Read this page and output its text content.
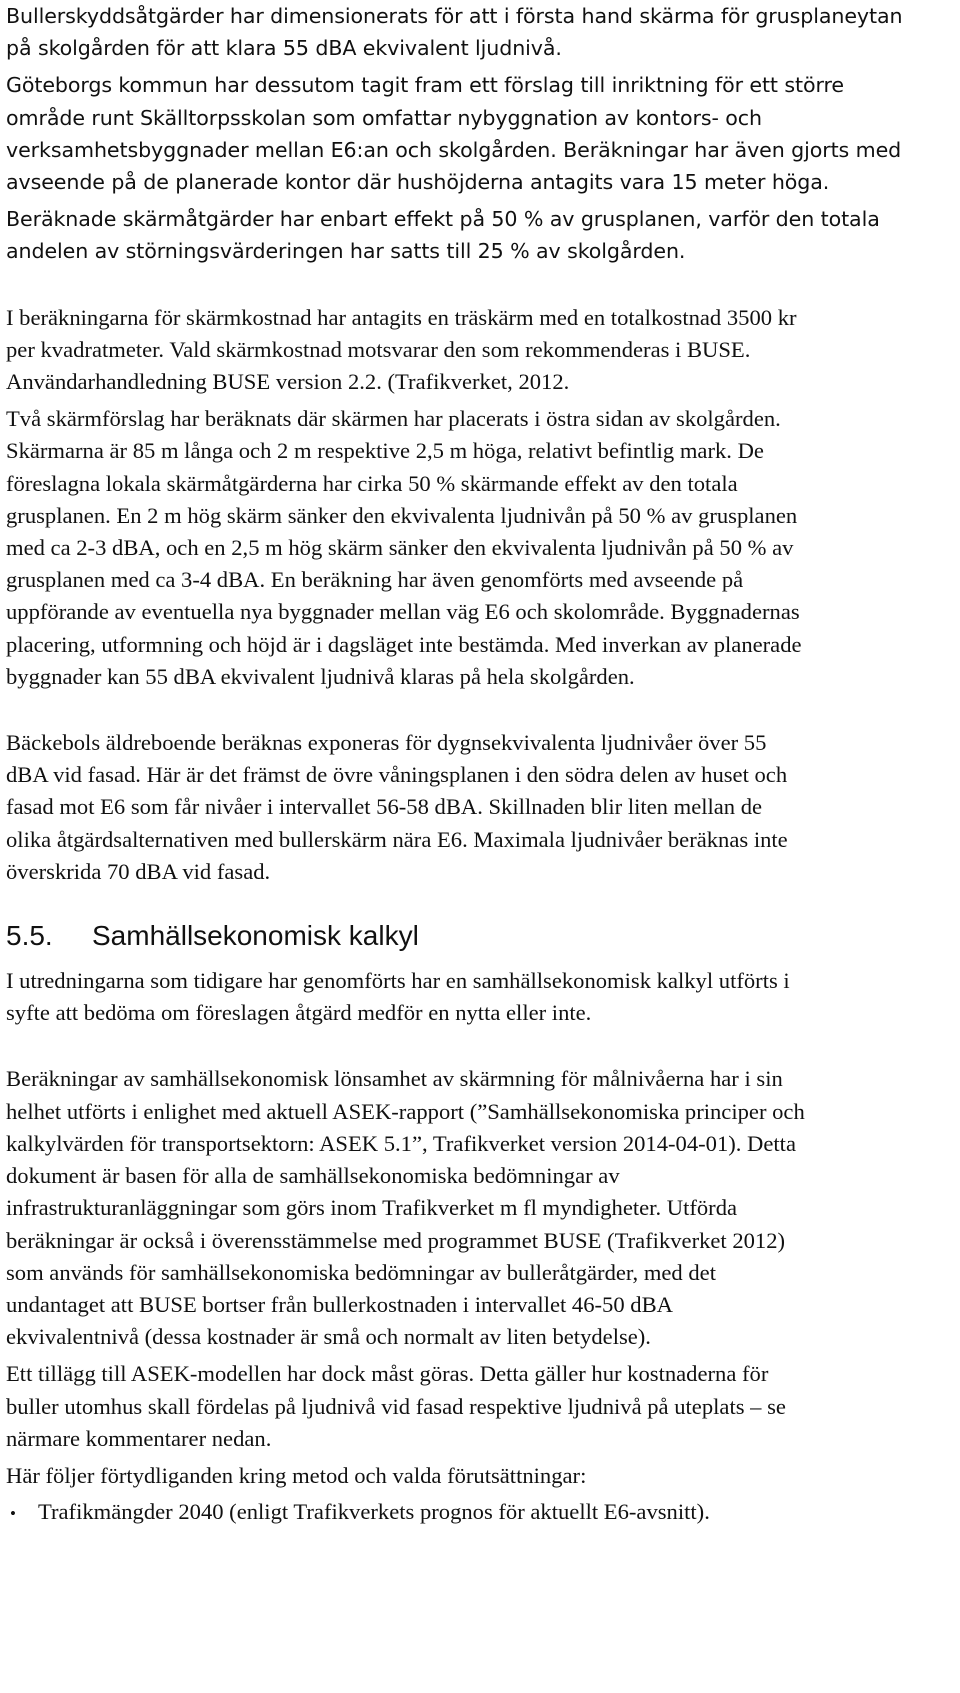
Bullerskyddsåtgärder har dimensionerats för att i första hand skärma för grusplaneytan
på skolgården för att klara 55 dBA ekvivalent ljudnivå.

Göteborgs kommun har dessutom tagit fram ett förslag till inriktning för ett större
område runt Skälltorpsskolan som omfattar nybyggnation av kontors- och
verksamhetsbyggnader mellan E6:an och skolgården. Beräkningar har även gjorts med
avseende på de planerade kontor där hushöjderna antagits vara 15 meter höga.

Beräknade skärmåtgärder har enbart effekt på 50 % av grusplanen, varför den totala
andelen av störningsvärderingen har satts till 25 % av skolgården.

I beräkningarna för skärmkostnad har antagits en träskärm med en totalkostnad 3500 kr
per kvadratmeter. Vald skärmkostnad motsvarar den som rekommenderas i BUSE.
Användarhandledning BUSE version 2.2. (Trafikverket, 2012.

Två skärmförslag har beräknats där skärmen har placerats i östra sidan av skolgården.
Skärmarna är 85 m långa och 2 m respektive 2,5 m höga, relativt befintlig mark. De
föreslagna lokala skärmåtgärderna har cirka 50 % skärmande effekt av den totala
grusplanen. En 2 m hög skärm sänker den ekvivalenta ljudnivån på 50 % av grusplanen
med ca 2-3 dBA, och en 2,5 m hög skärm sänker den ekvivalenta ljudnivån på 50 % av
grusplanen med ca 3-4 dBA. En beräkning har även genomförts med avseende på
uppförande av eventuella nya byggnader mellan väg E6 och skolområde. Byggnadernas
placering, utformning och höjd är i dagsläget inte bestämda. Med inverkan av planerade
byggnader kan 55 dBA ekvivalent ljudnivå klaras på hela skolgården.

Bäckebols äldreboende beräknas exponeras för dygnsekvivalenta ljudnivåer över 55
dBA vid fasad. Här är det främst de övre våningsplanen i den södra delen av huset och
fasad mot E6 som får nivåer i intervallet 56-58 dBA. Skillnaden blir liten mellan de
olika åtgärdsalternativen med bullerskärm nära E6. Maximala ljudnivåer beräknas inte
överskrida 70 dBA vid fasad.

5.5.	Samhällsekonomisk kalkyl

I utredningarna som tidigare har genomförts har en samhällsekonomisk kalkyl utförts i
syfte att bedöma om föreslagen åtgärd medför en nytta eller inte.

Beräkningar av samhällsekonomisk lönsamhet av skärmning för målnivåerna har i sin
helhet utförts i enlighet med aktuell ASEK-rapport (”Samhällsekonomiska principer och
kalkylvärden för transportsektorn: ASEK 5.1”, Trafikverket version 2014-04-01). Detta
dokument är basen för alla de samhällsekonomiska bedömningar av
infrastrukturanläggningar som görs inom Trafikverket m fl myndigheter. Utförda
beräkningar är också i överensstämmelse med programmet BUSE (Trafikverket 2012)
som används för samhällsekonomiska bedömningar av bulleråtgärder, med det
undantaget att BUSE bortser från bullerkostnaden i intervallet 46-50 dBA
ekvivalentnivå (dessa kostnader är små och normalt av liten betydelse).

Ett tillägg till ASEK-modellen har dock måst göras. Detta gäller hur kostnaderna för
buller utomhus skall fördelas på ljudnivå vid fasad respektive ljudnivå på uteplats – se
närmare kommentarer nedan.

Här följer förtydliganden kring metod och valda förutsättningar:

• Trafikmängder 2040 (enligt Trafikverkets prognos för aktuellt E6-avsnitt).
